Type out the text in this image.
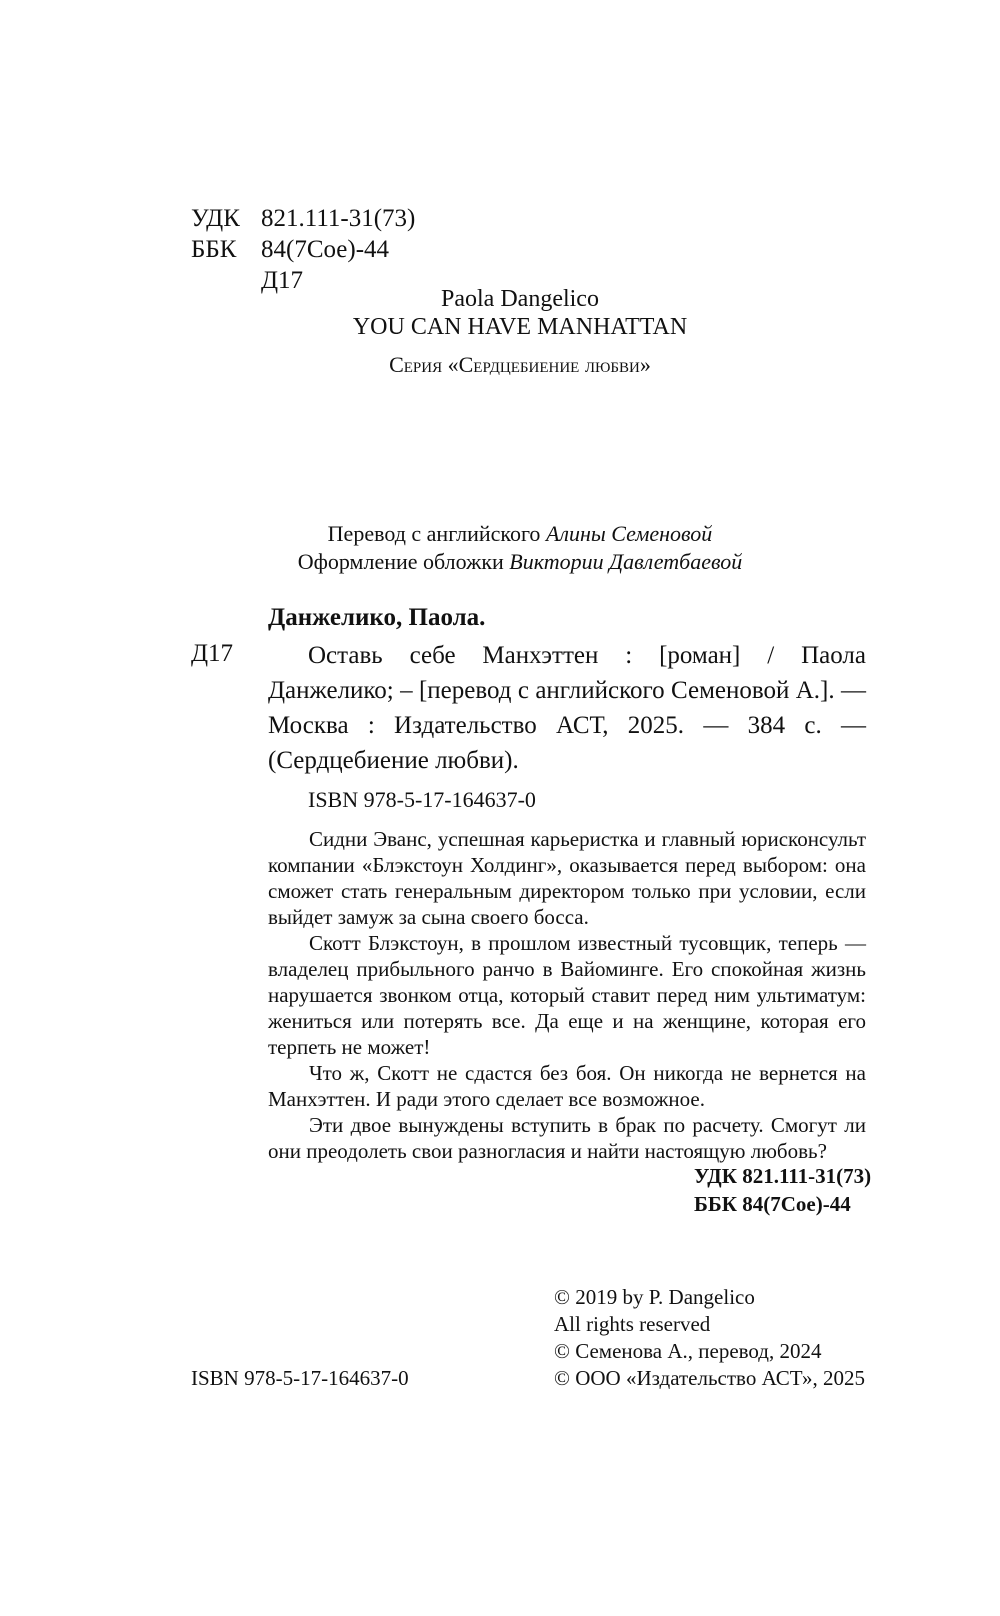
УДК	821.111-31(73)
ББК	84(7Сое)-44
	Д17
Paola Dangelico
YOU CAN HAVE MANHATTAN
Серия «Сердцебиение любви»
Перевод с английского Алины Семеновой
Оформление обложки Виктории Давлетбаевой
Данжелико, Паола.
Д17	Оставь себе Манхэттен : [роман] / Паола Данжелико; – [перевод с английского Семеновой А.]. — Москва : Издательство АСТ, 2025. — 384 с. — (Сердцебиение любви).
ISBN 978-5-17-164637-0

Сидни Эванс, успешная карьеристка и главный юрисконсульт компании «Блэкстоун Холдинг», оказывается перед выбором: она сможет стать генеральным директором только при условии, если выйдет замуж за сына своего босса.

Скотт Блэкстоун, в прошлом известный тусовщик, теперь — владелец прибыльного ранчо в Вайоминге. Его спокойная жизнь нарушается звонком отца, который ставит перед ним ультиматум: жениться или потерять все. Да еще и на женщине, которая его терпеть не может!

Что ж, Скотт не сдастся без боя. Он никогда не вернется на Манхэттен. И ради этого сделает все возможное.

Эти двое вынуждены вступить в брак по расчету. Смогут ли они преодолеть свои разногласия и найти настоящую любовь?

УДК 821.111-31(73)
ББК 84(7Сое)-44
ISBN 978-5-17-164637-0
© 2019 by P. Dangelico
All rights reserved
© Семенова А., перевод, 2024
© ООО «Издательство АСТ», 2025
